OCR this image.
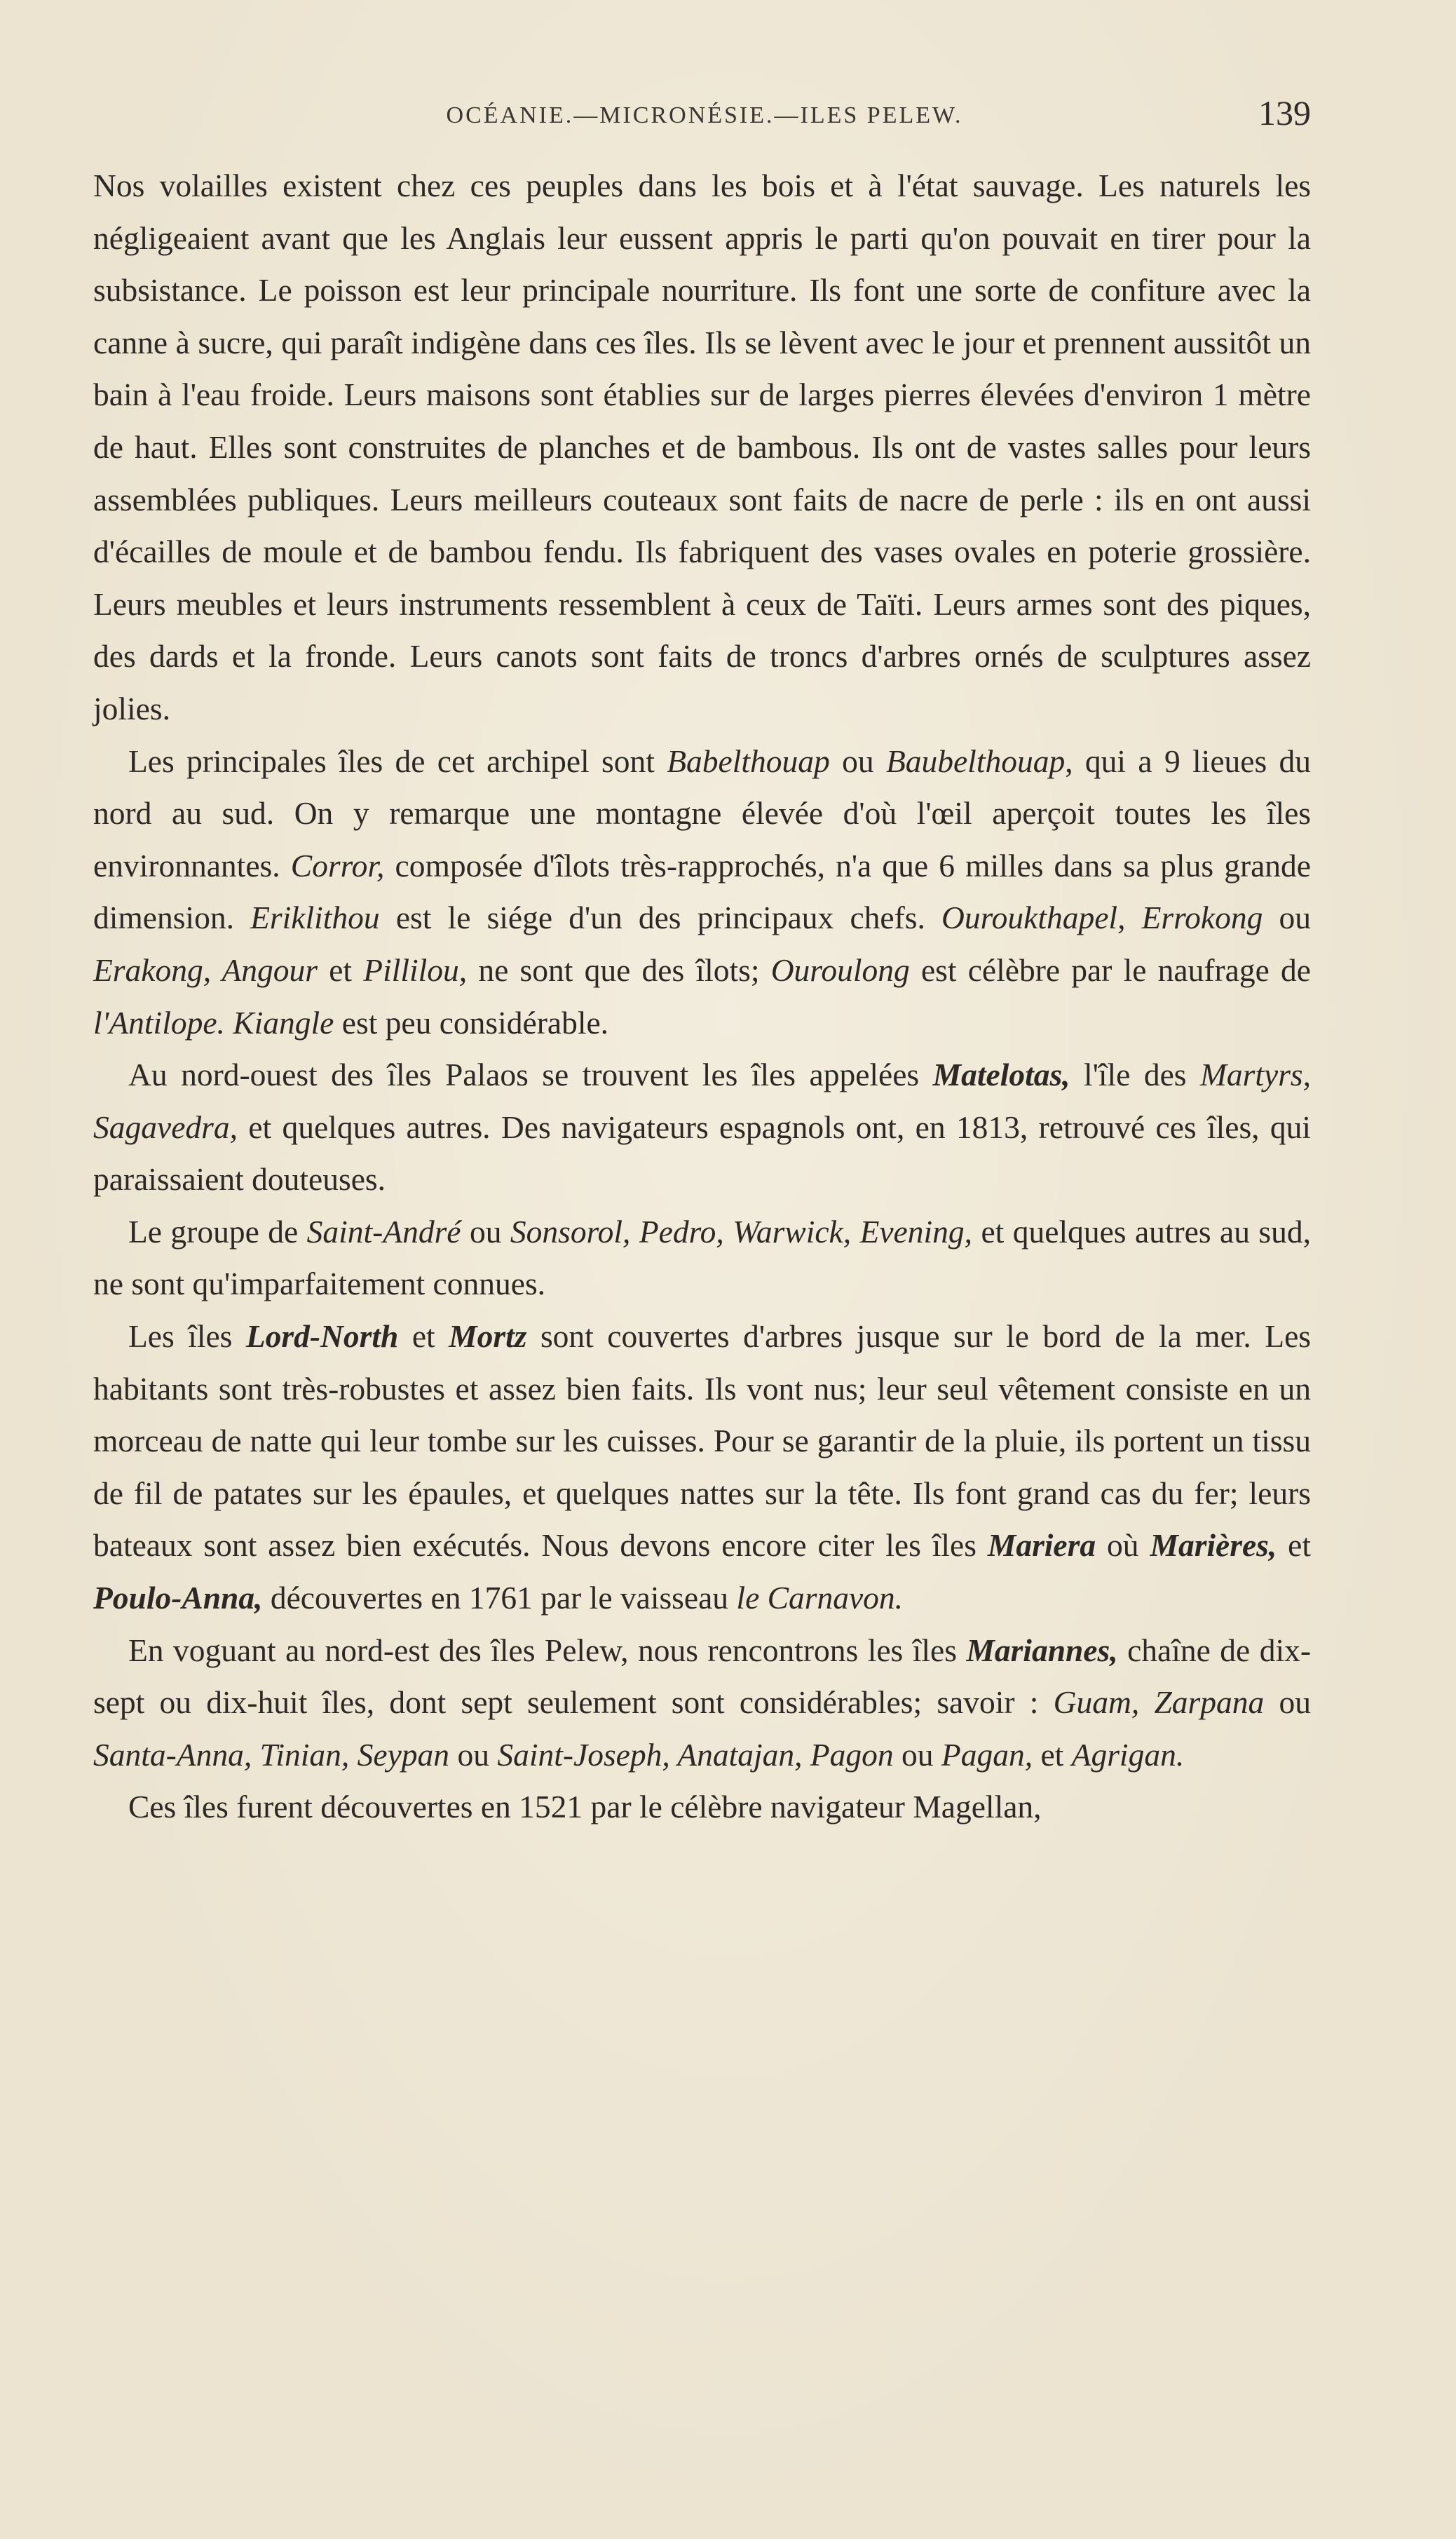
OCÉANIE.—MICRONÉSIE.—ILES PELEW.	139

Nos volailles existent chez ces peuples dans les bois et à l'état sauvage. Les naturels les négligeaient avant que les Anglais leur eussent appris le parti qu'on pouvait en tirer pour la subsistance. Le poisson est leur principale nourriture. Ils font une sorte de confiture avec la canne à sucre, qui paraît indigène dans ces îles. Ils se lèvent avec le jour et prennent aussitôt un bain à l'eau froide. Leurs maisons sont établies sur de larges pierres élevées d'environ 1 mètre de haut. Elles sont construites de planches et de bambous. Ils ont de vastes salles pour leurs assemblées publiques. Leurs meilleurs couteaux sont faits de nacre de perle : ils en ont aussi d'écailles de moule et de bambou fendu. Ils fabriquent des vases ovales en poterie grossière. Leurs meubles et leurs instruments ressemblent à ceux de Taïti. Leurs armes sont des piques, des dards et la fronde. Leurs canots sont faits de troncs d'arbres ornés de sculptures assez jolies.

Les principales îles de cet archipel sont Babelthouap ou Baubelthouap, qui a 9 lieues du nord au sud. On y remarque une montagne élevée d'où l'œil aperçoit toutes les îles environnantes. Corror, composée d'îlots très-rapprochés, n'a que 6 milles dans sa plus grande dimension. Eriklithou est le siége d'un des principaux chefs. Ouroukthapel, Errokong ou Erakong, Angour et Pillilou, ne sont que des îlots; Ouroulong est célèbre par le naufrage de l'Antilope. Kiangle est peu considérable.

Au nord-ouest des îles Palaos se trouvent les îles appelées Matelotas, l'île des Martyrs, Sagavedra, et quelques autres. Des navigateurs espagnols ont, en 1813, retrouvé ces îles, qui paraissaient douteuses.

Le groupe de Saint-André ou Sonsorol, Pedro, Warwick, Evening, et quelques autres au sud, ne sont qu'imparfaitement connues.

Les îles Lord-North et Mortz sont couvertes d'arbres jusque sur le bord de la mer. Les habitants sont très-robustes et assez bien faits. Ils vont nus; leur seul vêtement consiste en un morceau de natte qui leur tombe sur les cuisses. Pour se garantir de la pluie, ils portent un tissu de fil de patates sur les épaules, et quelques nattes sur la tête. Ils font grand cas du fer; leurs bateaux sont assez bien exécutés. Nous devons encore citer les îles Mariera où Marières, et Poulo-Anna, découvertes en 1761 par le vaisseau le Carnavon.

En voguant au nord-est des îles Pelew, nous rencontrons les îles Mariannes, chaîne de dix-sept ou dix-huit îles, dont sept seulement sont considérables; savoir : Guam, Zarpana ou Santa-Anna, Tinian, Seypan ou Saint-Joseph, Anatajan, Pagon ou Pagan, et Agrigan.

Ces îles furent découvertes en 1521 par le célèbre navigateur Magellan,
